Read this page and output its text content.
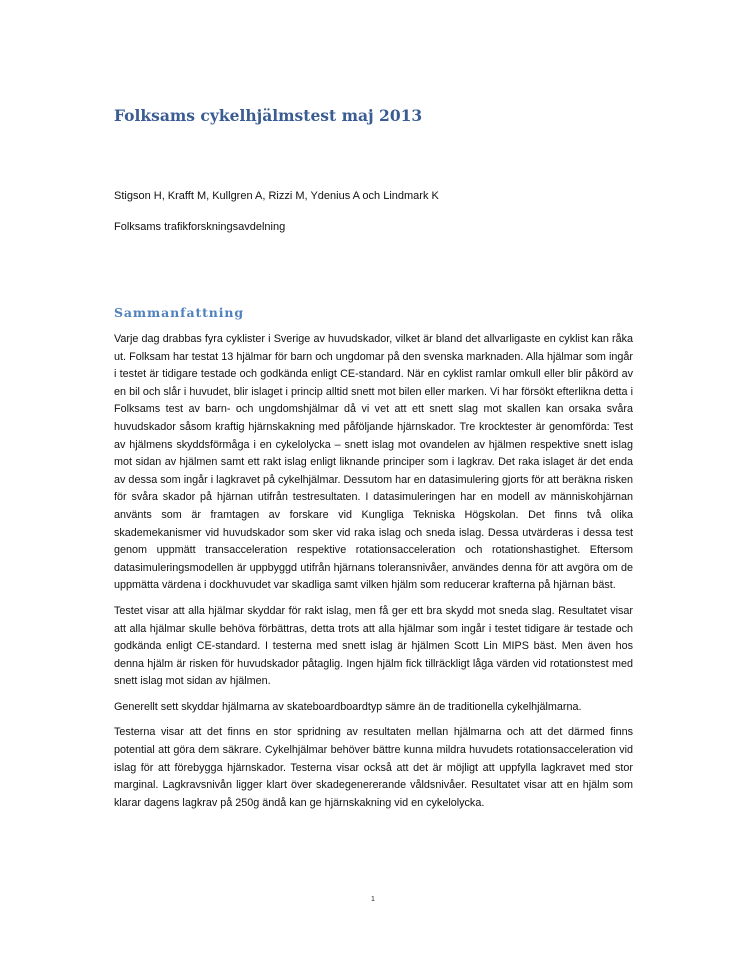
Folksams cykelhjälmstest maj 2013

Stigson H, Krafft M, Kullgren A, Rizzi M, Ydenius A och Lindmark K

Folksams trafikforskningsavdelning

Sammanfattning

Varje dag drabbas fyra cyklister i Sverige av huvudskador, vilket är bland det allvarligaste en cyklist kan råka ut. Folksam har testat 13 hjälmar för barn och ungdomar på den svenska marknaden. Alla hjälmar som ingår i testet är tidigare testade och godkända enligt CE-standard. När en cyklist ramlar omkull eller blir påkörd av en bil och slår i huvudet, blir islaget i princip alltid snett mot bilen eller marken. Vi har försökt efterlikna detta i Folksams test av barn- och ungdomshjälmar då vi vet att ett snett slag mot skallen kan orsaka svåra huvudskador såsom kraftig hjärnskakning med påföljande hjärnskador. Tre krocktester är genomförda: Test av hjälmens skyddsförmåga i en cykelolycka – snett islag mot ovandelen av hjälmen respektive snett islag mot sidan av hjälmen samt ett rakt islag enligt liknande principer som i lagkrav. Det raka islaget är det enda av dessa som ingår i lagkravet på cykelhjälmar. Dessutom har en datasimulering gjorts för att beräkna risken för svåra skador på hjärnan utifrån testresultaten. I datasimuleringen har en modell av människohjärnan använts som är framtagen av forskare vid Kungliga Tekniska Högskolan. Det finns två olika skademekanismer vid huvudskador som sker vid raka islag och sneda islag. Dessa utvärderas i dessa test genom uppmätt transacceleration respektive rotationsacceleration och rotationshastighet. Eftersom datasimuleringsmodellen är uppbyggd utifrån hjärnans toleransnivåer, användes denna för att avgöra om de uppmätta värdena i dockhuvudet var skadliga samt vilken hjälm som reducerar krafterna på hjärnan bäst.

Testet visar att alla hjälmar skyddar för rakt islag, men få ger ett bra skydd mot sneda slag. Resultatet visar att alla hjälmar skulle behöva förbättras, detta trots att alla hjälmar som ingår i testet tidigare är testade och godkända enligt CE-standard. I testerna med snett islag är hjälmen Scott Lin MIPS bäst. Men även hos denna hjälm är risken för huvudskador påtaglig. Ingen hjälm fick tillräckligt låga värden vid rotationstest med snett islag mot sidan av hjälmen.

Generellt sett skyddar hjälmarna av skateboardboardtyp sämre än de traditionella cykelhjälmarna.

Testerna visar att det finns en stor spridning av resultaten mellan hjälmarna och att det därmed finns potential att göra dem säkrare. Cykelhjälmar behöver bättre kunna mildra huvudets rotationsacceleration vid islag för att förebygga hjärnskador. Testerna visar också att det är möjligt att uppfylla lagkravet med stor marginal. Lagkravsnivån ligger klart över skadegenererande våldsnivåer. Resultatet visar att en hjälm som klarar dagens lagkrav på 250g ändå kan ge hjärnskakning vid en cykelolycka.

1
